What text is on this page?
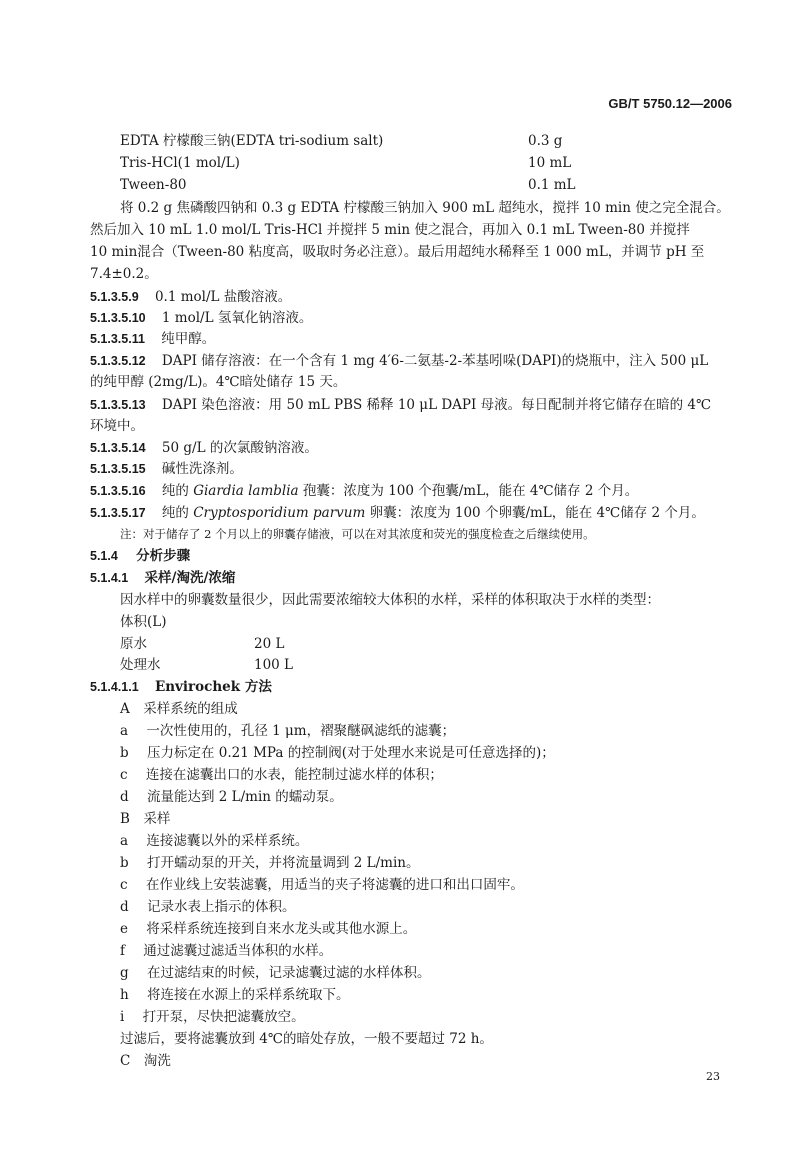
GB/T 5750.12—2006
EDTA 柠檬酸三钠(EDTA tri-sodium salt)	0.3 g
Tris-HCl(1 mol/L)	10 mL
Tween-80	0.1 mL
将 0.2 g 焦磷酸四钠和 0.3 g EDTA 柠檬酸三钠加入 900 mL 超纯水，搅拌 10 min 使之完全混合。
然后加入 10 mL 1.0 mol/L Tris-HCl 并搅拌 5 min 使之混合，再加入 0.1 mL Tween-80 并搅拌
10 min混合（Tween-80 粘度高，吸取时务必注意）。最后用超纯水稀释至 1 000 mL，并调节 pH 至
7.4±0.2。
5.1.3.5.9 0.1 mol/L 盐酸溶液。
5.1.3.5.10 1 mol/L 氢氧化钠溶液。
5.1.3.5.11 纯甲醇。
5.1.3.5.12 DAPI 储存溶液：在一个含有 1 mg 4′6-二氨基-2-苯基吲哚(DAPI)的烧瓶中，注入 500 μL
的纯甲醇 (2mg/L)。4℃暗处储存 15 天。
5.1.3.5.13 DAPI 染色溶液：用 50 mL PBS 稀释 10 μL DAPI 母液。每日配制并将它储存在暗的 4℃
环境中。
5.1.3.5.14 50 g/L 的次氯酸钠溶液。
5.1.3.5.15 碱性洗涤剂。
5.1.3.5.16 纯的 Giardia lamblia 孢囊：浓度为 100 个孢囊/mL，能在 4℃储存 2 个月。
5.1.3.5.17 纯的 Cryptosporidium parvum 卵囊：浓度为 100 个卵囊/mL，能在 4℃储存 2 个月。
注：对于储存了 2 个月以上的卵囊存储液，可以在对其浓度和荧光的强度检查之后继续使用。
5.1.4 分析步骤
5.1.4.1 采样/淘洗/浓缩
因水样中的卵囊数量很少，因此需要浓缩较大体积的水样，采样的体积取决于水样的类型：
体积(L)
原水	20 L
处理水	100 L
5.1.4.1.1 Envirochek 方法
A　采样系统的组成
a 一次性使用的，孔径 1 μm，褶聚醚砜滤纸的滤囊；
b 压力标定在 0.21 MPa 的控制阀(对于处理水来说是可任意选择的)；
c 连接在滤囊出口的水表，能控制过滤水样的体积；
d 流量能达到 2 L/min 的蠕动泵。
B　采样
a 连接滤囊以外的采样系统。
b 打开蠕动泵的开关，并将流量调到 2 L/min。
c 在作业线上安装滤囊，用适当的夹子将滤囊的进口和出口固牢。
d 记录水表上指示的体积。
e 将采样系统连接到自来水龙头或其他水源上。
f 通过滤囊过滤适当体积的水样。
g 在过滤结束的时候，记录滤囊过滤的水样体积。
h 将连接在水源上的采样系统取下。
i 打开泵，尽快把滤囊放空。
过滤后，要将滤囊放到 4℃的暗处存放，一般不要超过 72 h。
C　淘洗
23
